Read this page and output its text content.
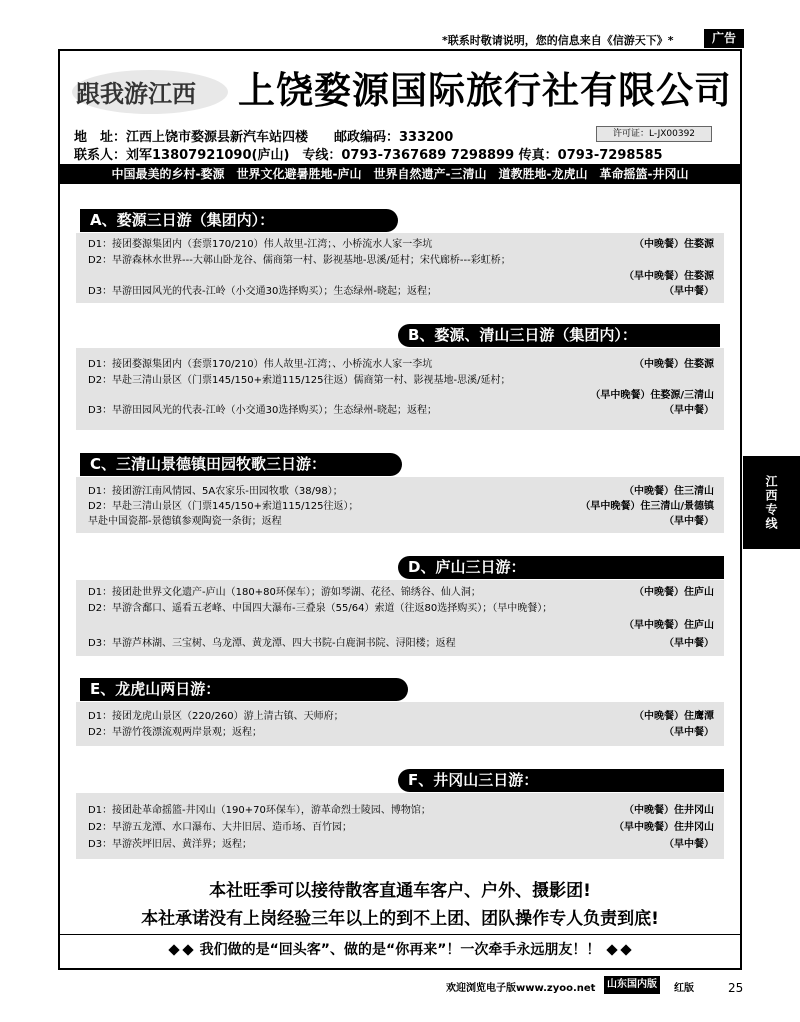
*联系时敬请说明，您的信息来自《信游天下》*	广告
跟我游江西 上饶婺源国际旅行社有限公司
地　址：江西上饶市婺源县新汽车站四楼　　邮政编码：333200	许可证：L-JX00392
联系人：刘军13807921090(庐山)　专线：0793-7367689 7298899 传真：0793-7298585
中国最美的乡村-婺源　世界文化避暑胜地-庐山　世界自然遗产-三清山　道教胜地-龙虎山　革命摇篮-井冈山
A、婺源三日游（集团内）：
D1：接团婺源集团内（套票170/210）伟人故里-江湾；、小桥流水人家一李坑	（中晚餐）住婺源
D2：早游森林水世界---大鄣山卧龙谷、儒商第一村、影视基地-思溪/延村；宋代廊桥---彩虹桥；
（早中晚餐）住婺源
D3：早游田园风光的代表-江岭（小交通30选择购买）；生态绿州-晓起；返程；	（早中餐）
B、婺源、清山三日游（集团内）：
D1：接团婺源集团内（套票170/210）伟人故里-江湾；、小桥流水人家一李坑	（中晚餐）住婺源
D2：早赴三清山景区（门票145/150+索道115/125往返）儒商第一村、影视基地-思溪/延村；
（早中晚餐）住婺源/三清山
D3：早游田园风光的代表-江岭（小交通30选择购买）；生态绿州-晓起；返程；	（早中餐）
C、三清山景德镇田园牧歌三日游：
D1：接团游江南风情园、5A农家乐-田园牧歌（38/98）；	（中晚餐）住三清山
D2：早赴三清山景区（门票145/150+索道115/125往返）；	（早中晚餐）住三清山/景德镇
早赴中国瓷都-景德镇参观陶瓷一条街；返程	（早中餐）
D、庐山三日游：
D1：接团赴世界文化遗产-庐山（180+80环保车）；游如琴湖、花径、锦绣谷、仙人洞；	（中晚餐）住庐山
D2：早游含鄱口、遥看五老峰、中国四大瀑布-三叠泉（55/64）索道（往返80选择购买）；（早中晚餐）；
（早中晚餐）住庐山
D3：早游芦林湖、三宝树、乌龙潭、黄龙潭、四大书院-白鹿洞书院、浔阳楼；返程	（早中餐）
E、龙虎山两日游：
D1：接团龙虎山景区（220/260）游上清古镇、天师府；	（中晚餐）住鹰潭
D2：早游竹筏漂流观两岸景观；返程；	（早中餐）
F、井冈山三日游：
D1：接团赴革命摇篮-井冈山（190+70环保车），游革命烈士陵园、博物馆；	（中晚餐）住井冈山
D2：早游五龙潭、水口瀑布、大井旧居、造币场、百竹园；	（早中晚餐）住井冈山
D3：早游茨坪旧居、黄洋界；返程；	（早中餐）
江西专线
本社旺季可以接待散客直通车客户、户外、摄影团!
本社承诺没有上岗经验三年以上的到不上团、团队操作专人负责到底!
我们做的是“回头客”、做的是“你再来”！一次牵手永远朋友！！
欢迎浏览电子版www.zyoo.net	山东国内版	红版	25
